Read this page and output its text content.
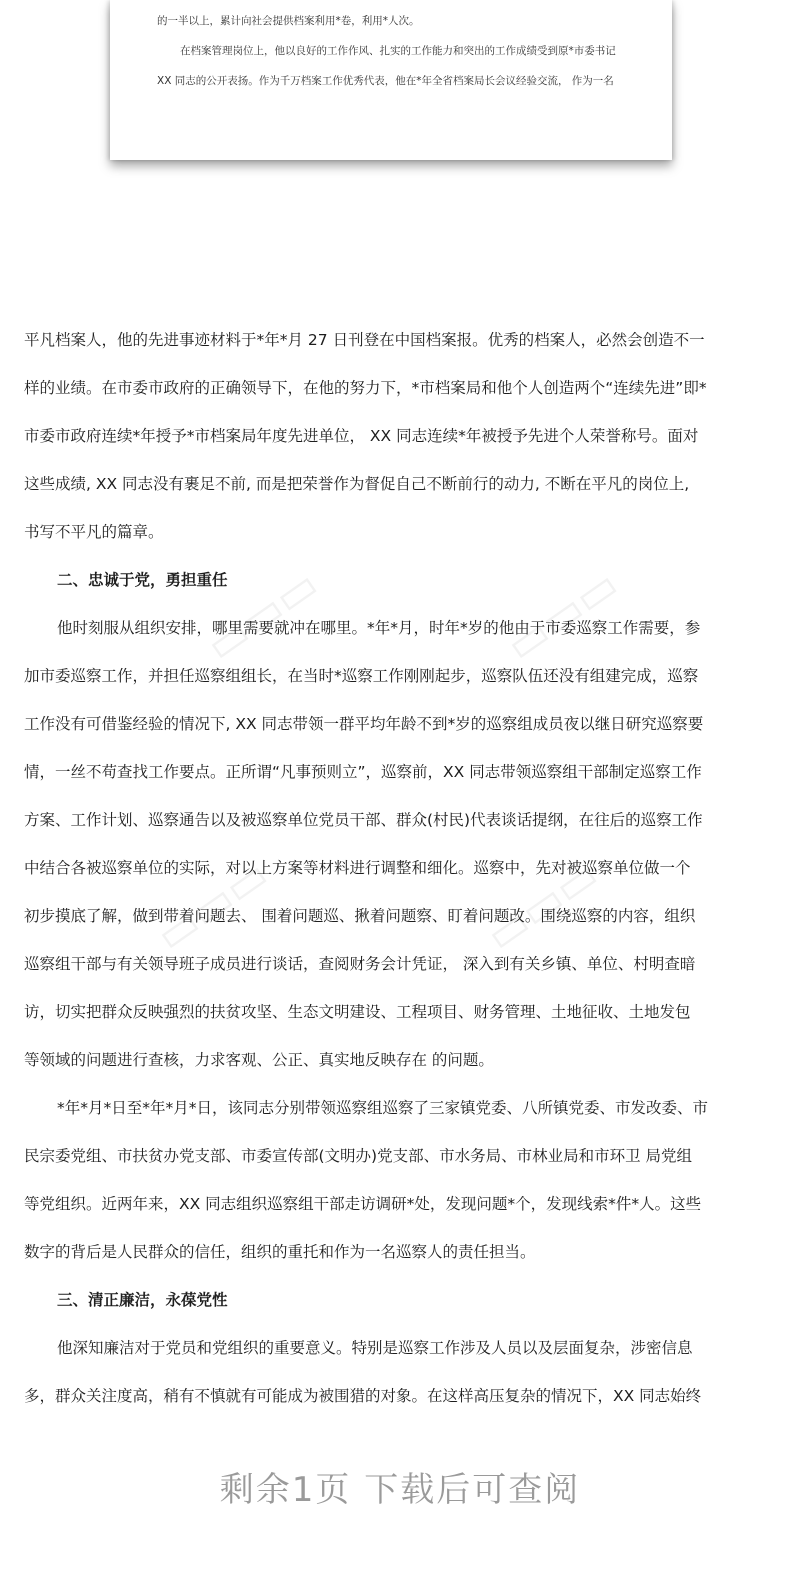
的一半以上，累计向社会提供档案利用*卷，利用*人次。
在档案管理岗位上，他以良好的工作作风、扎实的工作能力和突出的工作成绩受到原*市委书记
XX 同志的公开表扬。作为千万档案工作优秀代表，他在*年全省档案局长会议经验交流， 作为一名
▭▭▭	▭▭▭
▭▭▭	▭▭▭
平凡档案人，他的先进事迹材料于*年*月 27 日刊登在中国档案报。优秀的档案人，必然会创造不一
样的业绩。在市委市政府的正确领导下，在他的努力下，*市档案局和他个人创造两个“连续先进”即*
市委市政府连续*年授予*市档案局年度先进单位， XX 同志连续*年被授予先进个人荣誉称号。面对
这些成绩, XX 同志没有裹足不前, 而是把荣誉作为督促自己不断前行的动力, 不断在平凡的岗位上,
书写不平凡的篇章。
二、忠诚于党，勇担重任
他时刻服从组织安排，哪里需要就冲在哪里。*年*月，时年*岁的他由于市委巡察工作需要，参
加市委巡察工作，并担任巡察组组长，在当时*巡察工作刚刚起步，巡察队伍还没有组建完成，巡察
工作没有可借鉴经验的情况下, XX 同志带领一群平均年龄不到*岁的巡察组成员夜以继日研究巡察要
情，一丝不苟查找工作要点。正所谓“凡事预则立”，巡察前，XX 同志带领巡察组干部制定巡察工作
方案、工作计划、巡察通告以及被巡察单位党员干部、群众(村民)代表谈话提纲，在往后的巡察工作
中结合各被巡察单位的实际，对以上方案等材料进行调整和细化。巡察中，先对被巡察单位做一个
初步摸底了解，做到带着问题去、 围着问题巡、揪着问题察、盯着问题改。围绕巡察的内容，组织
巡察组干部与有关领导班子成员进行谈话，查阅财务会计凭证， 深入到有关乡镇、单位、村明查暗
访，切实把群众反映强烈的扶贫攻坚、生态文明建设、工程项目、财务管理、土地征收、土地发包
等领域的问题进行查核，力求客观、公正、真实地反映存在 的问题。
*年*月*日至*年*月*日，该同志分别带领巡察组巡察了三家镇党委、八所镇党委、市发改委、市
民宗委党组、市扶贫办党支部、市委宣传部(文明办)党支部、市水务局、市林业局和市环卫 局党组
等党组织。近两年来，XX 同志组织巡察组干部走访调研*处，发现问题*个，发现线索*件*人。这些
数字的背后是人民群众的信任，组织的重托和作为一名巡察人的责任担当。
三、清正廉洁，永葆党性
他深知廉洁对于党员和党组织的重要意义。特别是巡察工作涉及人员以及层面复杂，涉密信息
多，群众关注度高，稍有不慎就有可能成为被围猎的对象。在这样高压复杂的情况下，XX 同志始终
剩余1页 下载后可查阅
